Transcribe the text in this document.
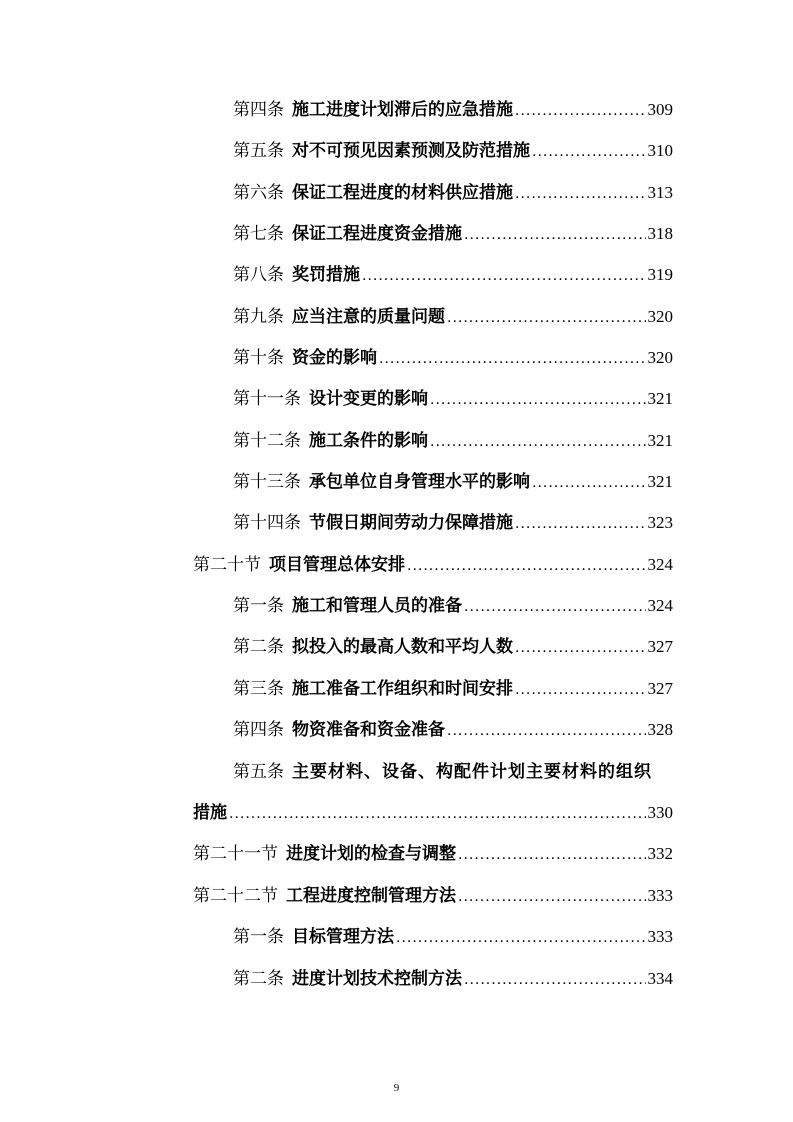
第四条 施工进度计划滞后的应急措施 .....	309
第五条 对不可预见因素预测及防范措施 .....	310
第六条 保证工程进度的材料供应措施 .....	313
第七条 保证工程进度资金措施 .....	318
第八条 奖罚措施 .....	319
第九条 应当注意的质量问题 .....	320
第十条 资金的影响 .....	320
第十一条 设计变更的影响 .....	321
第十二条 施工条件的影响 .....	321
第十三条 承包单位自身管理水平的影响 .....	321
第十四条 节假日期间劳动力保障措施 .....	323
第二十节 项目管理总体安排 .....	324
第一条 施工和管理人员的准备 .....	324
第二条 拟投入的最高人数和平均人数 .....	327
第三条 施工准备工作组织和时间安排 .....	327
第四条 物资准备和资金准备 .....	328
第五条 主要材料、设备、构配件计划主要材料的组织
措施 .....	330
第二十一节 进度计划的检查与调整 .....	332
第二十二节 工程进度控制管理方法 .....	333
第一条 目标管理方法 .....	333
第二条 进度计划技术控制方法 .....	334
9
